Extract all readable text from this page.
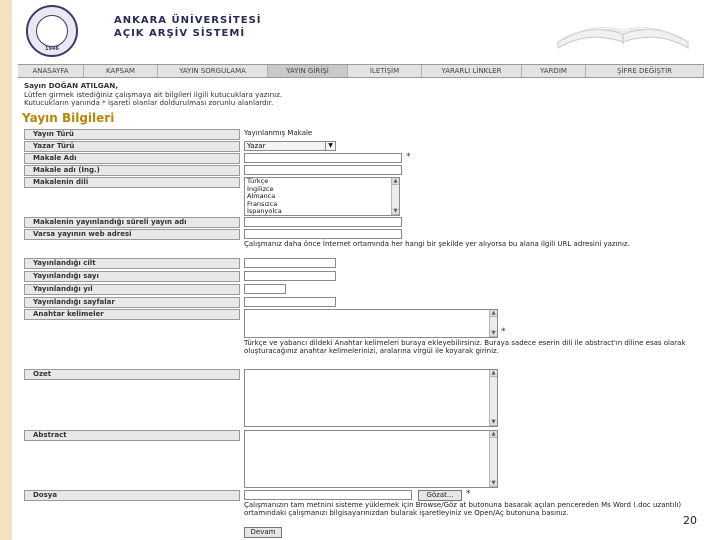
1946
ANKARA ÜNİVERSİTESİ
AÇIK ARŞİV SİSTEMİ
ANASAYFA	KAPSAM	YAYIN SORGULAMA	YAYIN GİRİŞİ	İLETİŞİM	YARARLI LİNKLER	YARDIM	ŞİFRE DEĞİŞTİR
Sayın DOĞAN ATILGAN,
Lütfen girmek istediğiniz çalışmaya ait bilgileri ilgili kutucuklara yazınız.
Kutucukların yanında * işareti olanlar doldurulması zorunlu alanlardır.
Yayın Bilgileri
Yayın Türü	Yayınlanmış Makale
Yazar Türü	Yazar	▼
Makale Adı	*
Makale adı (İng.)
Makalenin dili	Türkçe
İngilizce
Almanca
Fransızca
İspanyolca
▲
▼
Makalenin yayınlandığı süreli yayın adı
Varsa yayının web adresi
Çalışmanız daha önce İnternet ortamında her hangi bir şekilde yer alıyorsa bu alana ilgili URL adresini yazınız.
Yayınlandığı cilt
Yayınlandığı sayı
Yayınlandığı yıl
Yayınlandığı sayfalar
Anahtar kelimeler	▲
▼ *
Türkçe ve yabancı dildeki Anahtar kelimeleri buraya ekleyebilirsiniz. Buraya sadece eserin dili ile abstract'ın diline esas olarak oluşturacağınız anahtar kelimelerinizi, aralarına virgül ile koyarak giriniz.
Özet	▲
▼
Abstract	▲
▼
Dosya	Gözat...	*
Çalışmanızın tam metnini sisteme yüklemek için Browse/Göz at butonuna basarak açılan pencereden Ms Word (.doc uzantılı) ortamındaki çalışmanızı bilgisayarınızdan bularak işaretleyiniz ve Open/Aç butonuna basınız.
Devam
20
